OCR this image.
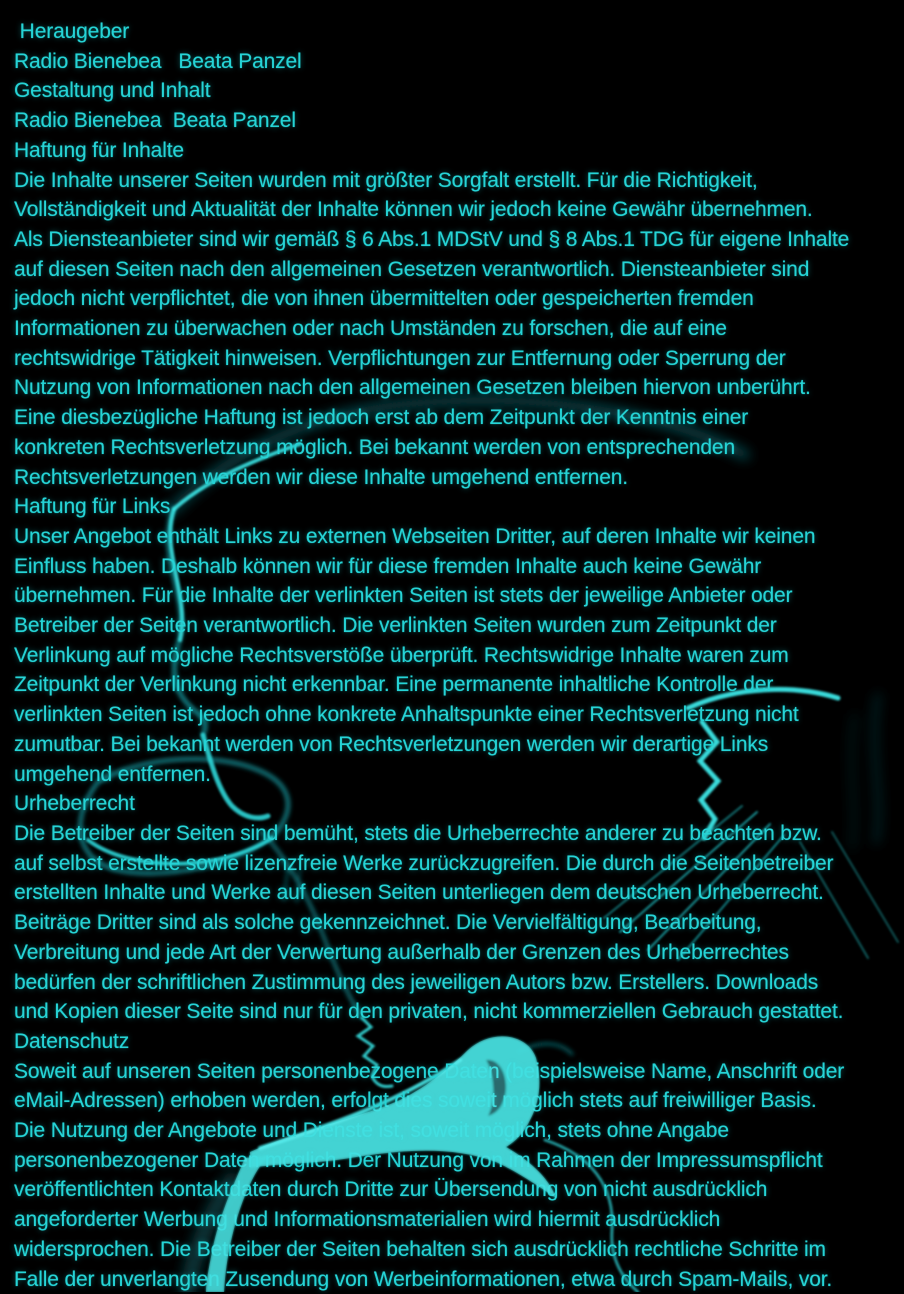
Heraugeber
Radio Bienebea   Beata Panzel
Gestaltung und Inhalt
Radio Bienebea  Beata Panzel
Haftung für Inhalte
Die Inhalte unserer Seiten wurden mit größter Sorgfalt erstellt. Für die Richtigkeit,
Vollständigkeit und Aktualität der Inhalte können wir jedoch keine Gewähr übernehmen.
Als Diensteanbieter sind wir gemäß § 6 Abs.1 MDStV und § 8 Abs.1 TDG für eigene Inhalte
auf diesen Seiten nach den allgemeinen Gesetzen verantwortlich. Diensteanbieter sind
jedoch nicht verpflichtet, die von ihnen übermittelten oder gespeicherten fremden
Informationen zu überwachen oder nach Umständen zu forschen, die auf eine
rechtswidrige Tätigkeit hinweisen. Verpflichtungen zur Entfernung oder Sperrung der
Nutzung von Informationen nach den allgemeinen Gesetzen bleiben hiervon unberührt.
Eine diesbezügliche Haftung ist jedoch erst ab dem Zeitpunkt der Kenntnis einer
konkreten Rechtsverletzung möglich. Bei bekannt werden von entsprechenden
Rechtsverletzungen werden wir diese Inhalte umgehend entfernen.
Haftung für Links
Unser Angebot enthält Links zu externen Webseiten Dritter, auf deren Inhalte wir keinen
Einfluss haben. Deshalb können wir für diese fremden Inhalte auch keine Gewähr
übernehmen. Für die Inhalte der verlinkten Seiten ist stets der jeweilige Anbieter oder
Betreiber der Seiten verantwortlich. Die verlinkten Seiten wurden zum Zeitpunkt der
Verlinkung auf mögliche Rechtsverstöße überprüft. Rechtswidrige Inhalte waren zum
Zeitpunkt der Verlinkung nicht erkennbar. Eine permanente inhaltliche Kontrolle der
verlinkten Seiten ist jedoch ohne konkrete Anhaltspunkte einer Rechtsverletzung nicht
zumutbar. Bei bekannt werden von Rechtsverletzungen werden wir derartige Links
umgehend entfernen.
Urheberrecht
Die Betreiber der Seiten sind bemüht, stets die Urheberrechte anderer zu beachten bzw.
auf selbst erstellte sowie lizenzfreie Werke zurückzugreifen. Die durch die Seitenbetreiber
erstellten Inhalte und Werke auf diesen Seiten unterliegen dem deutschen Urheberrecht.
Beiträge Dritter sind als solche gekennzeichnet. Die Vervielfältigung, Bearbeitung,
Verbreitung und jede Art der Verwertung außerhalb der Grenzen des Urheberrechtes
bedürfen der schriftlichen Zustimmung des jeweiligen Autors bzw. Erstellers. Downloads
und Kopien dieser Seite sind nur für den privaten, nicht kommerziellen Gebrauch gestattet.
Datenschutz
Soweit auf unseren Seiten personenbezogene Daten (beispielsweise Name, Anschrift oder
eMail-Adressen) erhoben werden, erfolgt dies soweit möglich stets auf freiwilliger Basis.
Die Nutzung der Angebote und Dienste ist, soweit möglich, stets ohne Angabe
personenbezogener Daten möglich. Der Nutzung von im Rahmen der Impressumspflicht
veröffentlichten Kontaktdaten durch Dritte zur Übersendung von nicht ausdrücklich
angeforderter Werbung und Informationsmaterialien wird hiermit ausdrücklich
widersprochen. Die Betreiber der Seiten behalten sich ausdrücklich rechtliche Schritte im
Falle der unverlangten Zusendung von Werbeinformationen, etwa durch Spam-Mails, vor.
